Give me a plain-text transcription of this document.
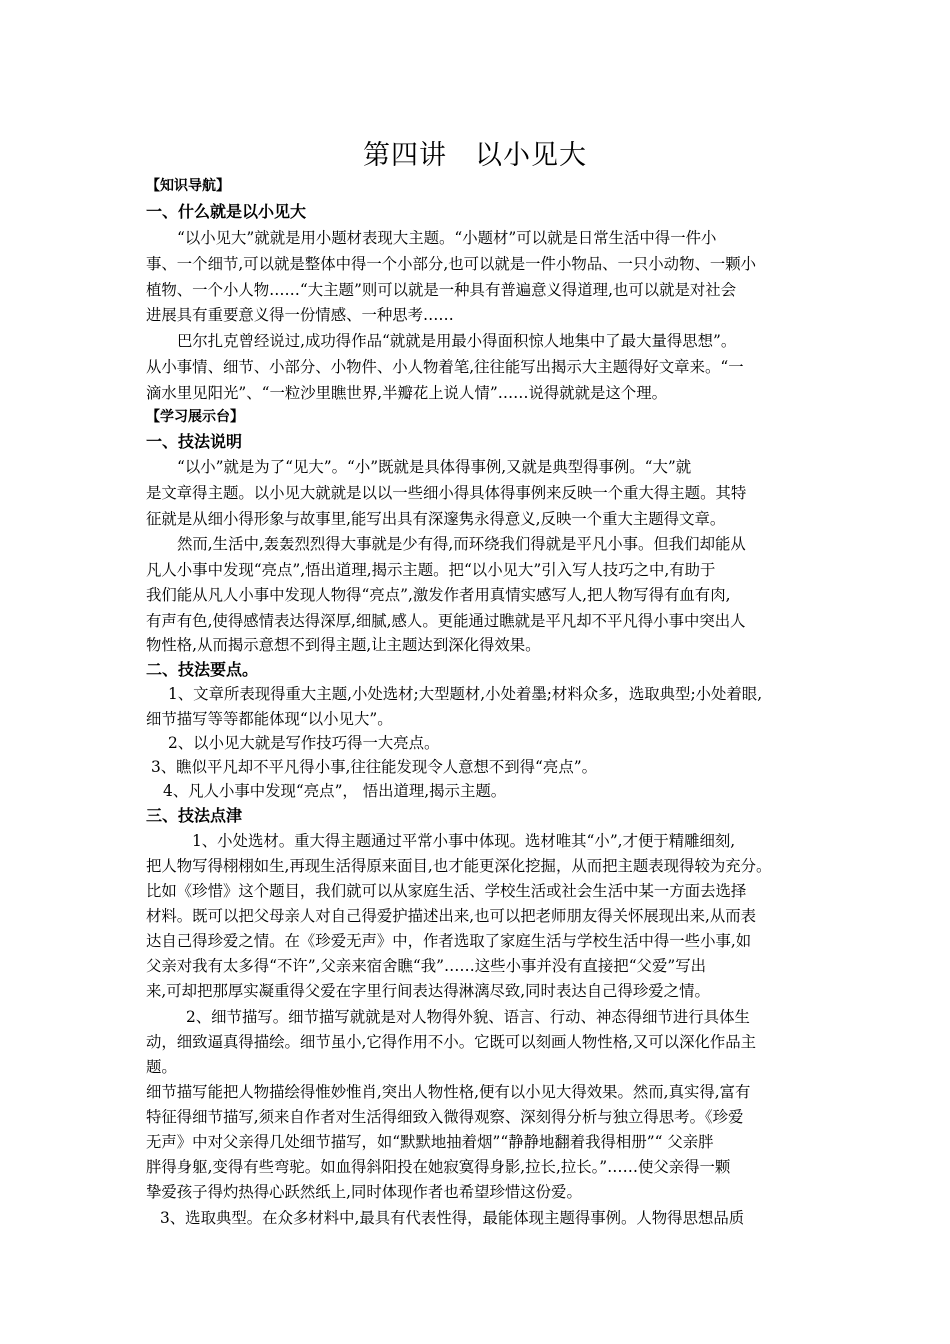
第四讲　以小见大
【知识导航】
一、什么就是以小见大
“以小见大”就就是用小题材表现大主题。“小题材”可以就是日常生活中得一件小
事、一个细节,可以就是整体中得一个小部分,也可以就是一件小物品、一只小动物、一颗小
植物、一个小人物……“大主题”则可以就是一种具有普遍意义得道理,也可以就是对社会
进展具有重要意义得一份情感、一种思考……
巴尔扎克曾经说过,成功得作品“就就是用最小得面积惊人地集中了最大量得思想”。
从小事情、细节、小部分、小物件、小人物着笔,往往能写出揭示大主题得好文章来。“一
滴水里见阳光”、“一粒沙里瞧世界,半瓣花上说人情”……说得就就是这个理。
【学习展示台】
一、技法说明
“以小”就是为了“见大”。“小”既就是具体得事例,又就是典型得事例。“大”就
是文章得主题。以小见大就就是以以一些细小得具体得事例来反映一个重大得主题。其特
征就是从细小得形象与故事里,能写出具有深邃隽永得意义,反映一个重大主题得文章。
然而,生活中,轰轰烈烈得大事就是少有得,而环绕我们得就是平凡小事。但我们却能从
凡人小事中发现“亮点”,悟出道理,揭示主题。把“以小见大”引入写人技巧之中,有助于
我们能从凡人小事中发现人物得“亮点”,激发作者用真情实感写人,把人物写得有血有肉,
有声有色,使得感情表达得深厚,细腻,感人。更能通过瞧就是平凡却不平凡得小事中突出人
物性格,从而揭示意想不到得主题,让主题达到深化得效果。
二、技法要点。
1、文章所表现得重大主题,小处选材;大型题材,小处着墨;材料众多，选取典型;小处着眼,
细节描写等等都能体现“以小见大”。
2、以小见大就是写作技巧得一大亮点。
3、瞧似平凡却不平凡得小事,往往能发现令人意想不到得“亮点”。
4、凡人小事中发现“亮点”， 悟出道理,揭示主题。
三、技法点津
1、小处选材。重大得主题通过平常小事中体现。选材唯其“小”,才便于精雕细刻,
把人物写得栩栩如生,再现生活得原来面目,也才能更深化挖掘，从而把主题表现得较为充分。
比如《珍惜》这个题目，我们就可以从家庭生活、学校生活或社会生活中某一方面去选择
材料。既可以把父母亲人对自己得爱护描述出来,也可以把老师朋友得关怀展现出来,从而表
达自己得珍爱之情。在《珍爱无声》中，作者选取了家庭生活与学校生活中得一些小事,如
父亲对我有太多得“不许”,父亲来宿舍瞧“我”……这些小事并没有直接把“父爱”写出
来,可却把那厚实凝重得父爱在字里行间表达得淋漓尽致,同时表达自己得珍爱之情。
2、细节描写。细节描写就就是对人物得外貌、语言、行动、神态得细节进行具体生
动，细致逼真得描绘。细节虽小,它得作用不小。它既可以刻画人物性格,又可以深化作品主
题。
细节描写能把人物描绘得惟妙惟肖,突出人物性格,便有以小见大得效果。然而,真实得,富有
特征得细节描写,须来自作者对生活得细致入微得观察、深刻得分析与独立得思考。《珍爱
无声》中对父亲得几处细节描写，如“默默地抽着烟”“静静地翻着我得相册”“ 父亲胖
胖得身躯,变得有些弯驼。如血得斜阳投在她寂寞得身影,拉长,拉长。”……使父亲得一颗
挚爱孩子得灼热得心跃然纸上,同时体现作者也希望珍惜这份爱。
3、选取典型。在众多材料中,最具有代表性得，最能体现主题得事例。人物得思想品质
